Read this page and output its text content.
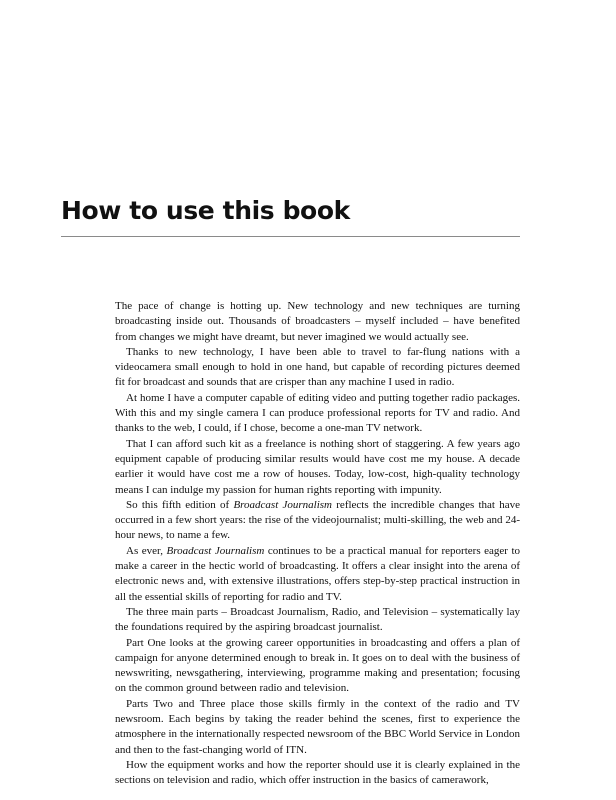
How to use this book

The pace of change is hotting up. New technology and new techniques are turning broadcasting inside out. Thousands of broadcasters – myself included – have benefited from changes we might have dreamt, but never imagined we would actually see.

Thanks to new technology, I have been able to travel to far-flung nations with a videocamera small enough to hold in one hand, but capable of recording pictures deemed fit for broadcast and sounds that are crisper than any machine I used in radio.

At home I have a computer capable of editing video and putting together radio packages. With this and my single camera I can produce professional reports for TV and radio. And thanks to the web, I could, if I chose, become a one-man TV network.

That I can afford such kit as a freelance is nothing short of staggering. A few years ago equipment capable of producing similar results would have cost me my house. A decade earlier it would have cost me a row of houses. Today, low-cost, high-quality technology means I can indulge my passion for human rights reporting with impunity.

So this fifth edition of Broadcast Journalism reflects the incredible changes that have occurred in a few short years: the rise of the videojournalist; multi-skilling, the web and 24-hour news, to name a few.

As ever, Broadcast Journalism continues to be a practical manual for reporters eager to make a career in the hectic world of broadcasting. It offers a clear insight into the arena of electronic news and, with extensive illustrations, offers step-by-step practical instruction in all the essential skills of reporting for radio and TV.

The three main parts – Broadcast Journalism, Radio, and Television – systematically lay the foundations required by the aspiring broadcast journalist.

Part One looks at the growing career opportunities in broadcasting and offers a plan of campaign for anyone determined enough to break in. It goes on to deal with the business of newswriting, newsgathering, interviewing, programme making and presentation; focusing on the common ground between radio and television.

Parts Two and Three place those skills firmly in the context of the radio and TV newsroom. Each begins by taking the reader behind the scenes, first to experience the atmosphere in the internationally respected newsroom of the BBC World Service in London and then to the fast-changing world of ITN.

How the equipment works and how the reporter should use it is clearly explained in the sections on television and radio, which offer instruction in the basics of camerawork,
